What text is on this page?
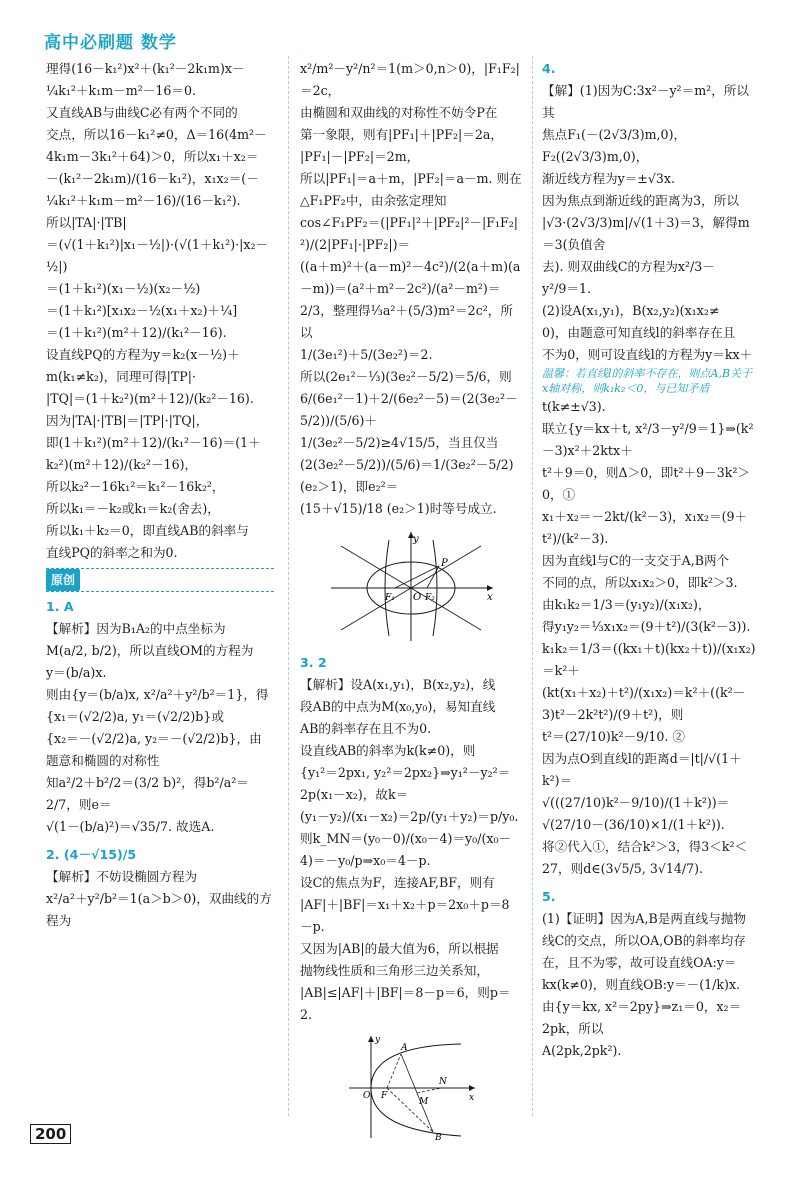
高中必刷题 数学

理得(16－k₁²)x²＋(k₁²－2k₁m)x－

¼k₁²＋k₁m－m²－16＝0.

又直线AB与曲线C必有两个不同的

交点，所以16－k₁²≠0，Δ＝16(4m²－

4k₁m－3k₁²＋64)＞0，所以x₁＋x₂＝

－(k₁²－2k₁m)/(16－k₁²)，x₁x₂＝(－¼k₁²＋k₁m－m²－16)/(16－k₁²).

所以|TA|·|TB|

＝(√(1＋k₁²)|x₁－½|)·(√(1＋k₁²)·|x₂－½|)

＝(1＋k₁²)(x₁－½)(x₂－½)

＝(1＋k₁²)[x₁x₂－½(x₁＋x₂)＋¼]

＝(1＋k₁²)(m²＋12)/(k₁²－16).

设直线PQ的方程为y＝k₂(x－½)＋m(k₁≠k₂)，同理可得|TP|·

|TQ|＝(1＋k₂²)(m²＋12)/(k₂²－16).

因为|TA|·|TB|＝|TP|·|TQ|，

即(1＋k₁²)(m²＋12)/(k₁²－16)＝(1＋k₂²)(m²＋12)/(k₂²－16)，

所以k₂²－16k₁²＝k₁²－16k₂²，

所以k₁＝－k₂或k₁＝k₂(舍去)，

所以k₁＋k₂＝0，即直线AB的斜率与

直线PQ的斜率之和为0.

原创

1. A

【解析】因为B₁A₂的中点坐标为

M(a/2, b/2)，所以直线OM的方程为

y＝(b/a)x.

则由{y＝(b/a)x, x²/a²＋y²/b²＝1}，得{x₁＝(√2/2)a, y₁＝(√2/2)b}或

{x₂＝－(√2/2)a, y₂＝－(√2/2)b}，由题意和椭圆的对称性

知a²/2＋b²/2＝(3/2 b)²，得b²/a²＝2/7，则e＝

√(1－(b/a)²)＝√35/7. 故选A.

2. (4－√15)/5

【解析】不妨设椭圆方程为

x²/a²＋y²/b²＝1(a＞b＞0)，双曲线的方程为

x²/m²－y²/n²＝1(m＞0,n＞0)，|F₁F₂|＝2c，

由椭圆和双曲线的对称性不妨令P在

第一象限，则有|PF₁|＋|PF₂|＝2a，

|PF₁|－|PF₂|＝2m，

所以|PF₁|＝a＋m，|PF₂|＝a－m. 则在

△F₁PF₂中，由余弦定理知

cos∠F₁PF₂＝(|PF₁|²＋|PF₂|²－|F₁F₂|²)/(2|PF₁|·|PF₂|)＝

((a＋m)²＋(a－m)²－4c²)/(2(a＋m)(a－m))＝(a²＋m²－2c²)/(a²－m²)＝

2/3，整理得⅓a²＋(5/3)m²＝2c²，所以

1/(3e₁²)＋5/(3e₂²)＝2.

所以(2e₁²－⅓)(3e₂²－5/2)＝5/6，则

6/(6e₁²－1)＋2/(6e₂²－5)＝(2(3e₂²－5/2))/(5/6)＋

1/(3e₂²－5/2)≥4√15/5，当且仅当

(2(3e₂²－5/2))/(5/6)＝1/(3e₂²－5/2)(e₂＞1)，即e₂²＝

(15＋√15)/18 (e₂＞1)时等号成立.

y
x
O
P
F₁	F₂

3. 2

【解析】设A(x₁,y₁)，B(x₂,y₂)，线

段AB的中点为M(x₀,y₀)，易知直线

AB的斜率存在且不为0.

设直线AB的斜率为k(k≠0)，则

{y₁²＝2px₁, y₂²＝2px₂}⇒y₁²－y₂²＝2p(x₁－x₂)，故k＝

(y₁－y₂)/(x₁－x₂)＝2p/(y₁＋y₂)＝p/y₀.

则k_MN＝(y₀－0)/(x₀－4)＝y₀/(x₀－4)＝－y₀/p⇒x₀＝4－p.

设C的焦点为F，连接AF,BF，则有

|AF|＋|BF|＝x₁＋x₂＋p＝2x₀＋p＝8－p.

又因为|AB|的最大值为6，所以根据

抛物线性质和三角形三边关系知，

|AB|≤|AF|＋|BF|＝8－p＝6，则p＝2.

y
x
O
A
B
F
N
M

4.

【解】(1)因为C:3x²－y²＝m²，所以其

焦点F₁(－(2√3/3)m,0)，F₂((2√3/3)m,0)，

渐近线方程为y＝±√3x.

因为焦点到渐近线的距离为3，所以

|√3·(2√3/3)m|/√(1＋3)＝3，解得m＝3(负值舍

去). 则双曲线C的方程为x²/3－

y²/9＝1.

(2)设A(x₁,y₁)，B(x₂,y₂)(x₁x₂≠

0)，由题意可知直线l的斜率存在且

不为0，则可设直线l的方程为y＝kx＋

温馨：若直线l的斜率不存在，则点A,B关于x轴对称，则k₁k₂＜0，与已知矛盾

t(k≠±√3).

联立{y＝kx＋t, x²/3－y²/9＝1}⇒(k²－3)x²＋2ktx＋

t²＋9＝0，则Δ＞0，即t²＋9－3k²＞0，①

x₁＋x₂＝－2kt/(k²－3)，x₁x₂＝(9＋t²)/(k²－3).

因为直线l与C的一支交于A,B两个

不同的点，所以x₁x₂＞0，即k²＞3.

由k₁k₂＝1/3＝(y₁y₂)/(x₁x₂)，

得y₁y₂＝⅓x₁x₂＝(9＋t²)/(3(k²－3)).

k₁k₂＝1/3＝((kx₁＋t)(kx₂＋t))/(x₁x₂)＝k²＋

(kt(x₁＋x₂)＋t²)/(x₁x₂)＝k²＋((k²－3)t²－2k²t²)/(9＋t²)，则

t²＝(27/10)k²－9/10. ②

因为点O到直线l的距离d＝|t|/√(1＋k²)＝

√(((27/10)k²－9/10)/(1＋k²))＝√(27/10－(36/10)×1/(1＋k²)).

将②代入①，结合k²＞3，得3＜k²＜

27，则d∈(3√5/5, 3√14/7).

5.

(1)【证明】因为A,B是两直线与抛物

线C的交点，所以OA,OB的斜率均存

在，且不为零，故可设直线OA:y＝

kx(k≠0)，则直线OB:y＝－(1/k)x.

由{y＝kx, x²＝2py}⇒z₁＝0，x₂＝2pk，所以

A(2pk,2pk²).

200
